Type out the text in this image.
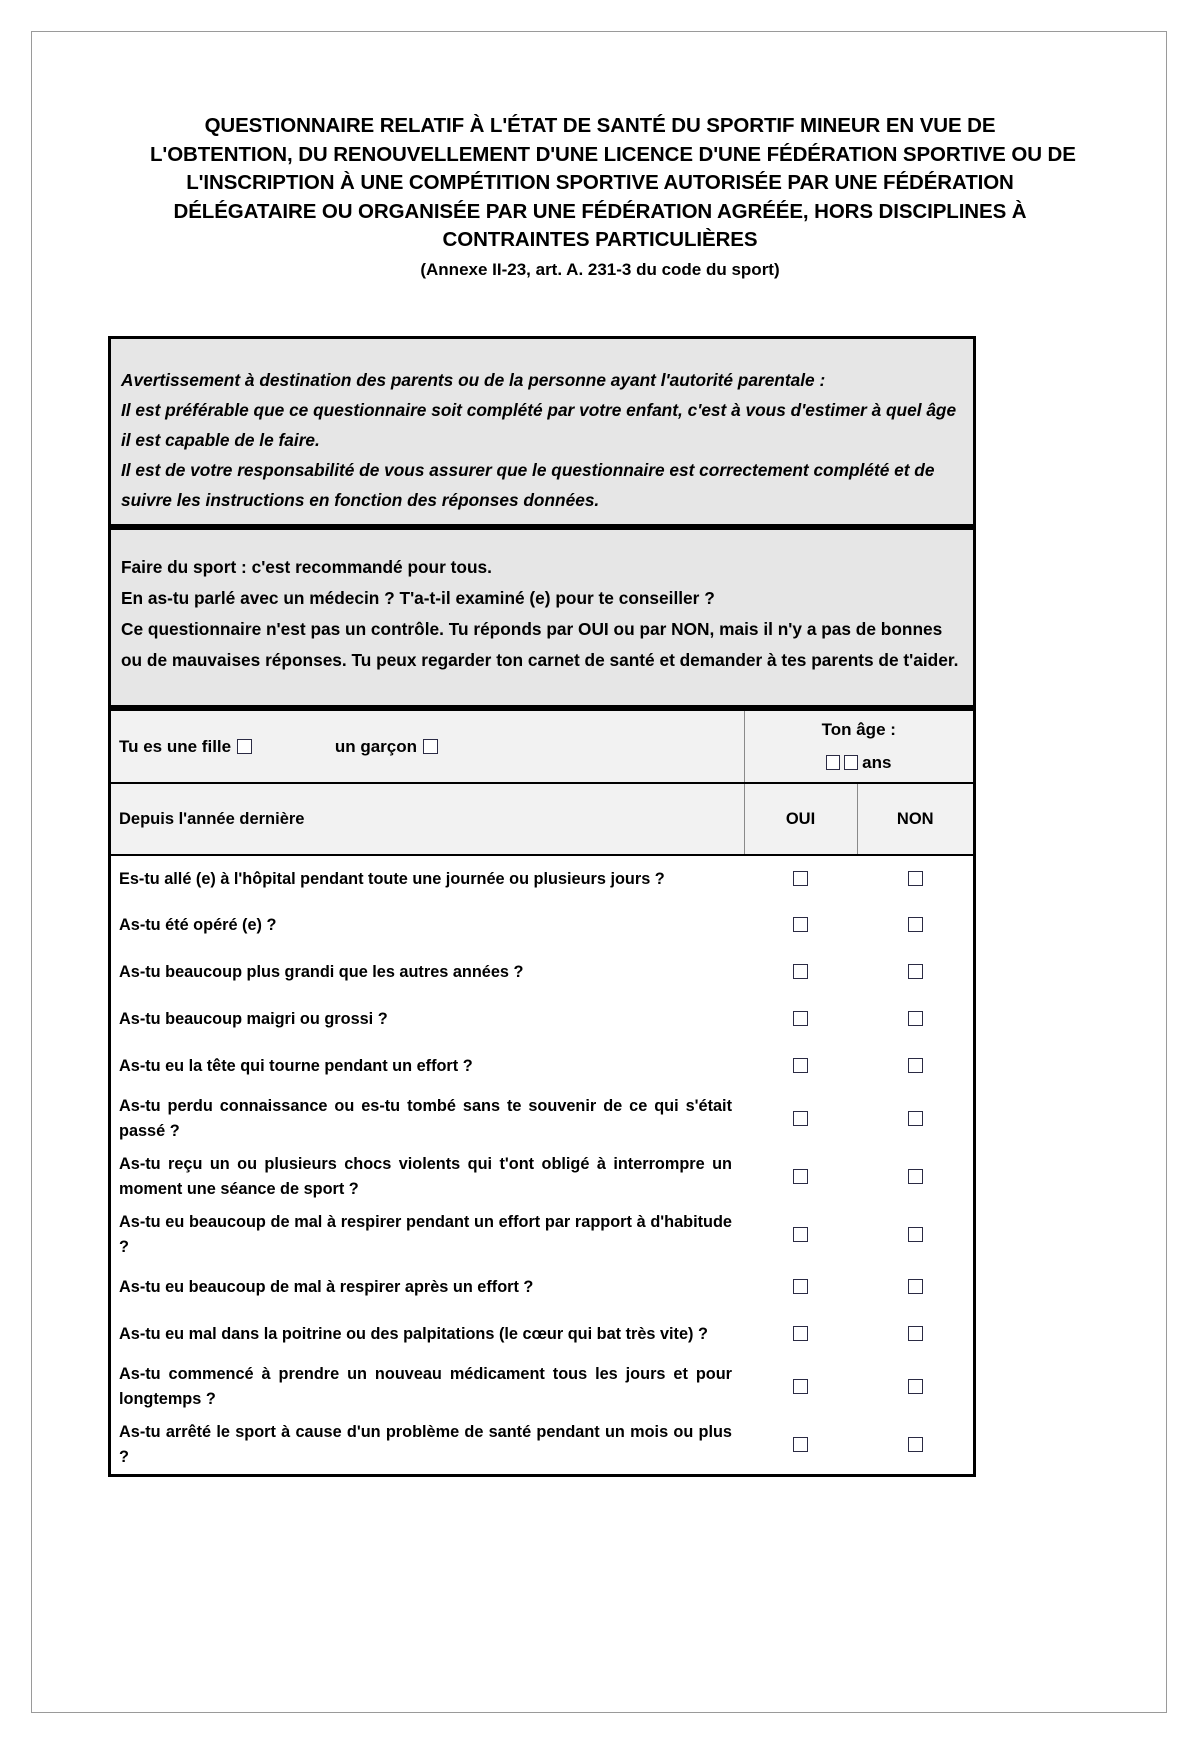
QUESTIONNAIRE RELATIF À L'ÉTAT DE SANTÉ DU SPORTIF MINEUR EN VUE DE
L'OBTENTION, DU RENOUVELLEMENT D'UNE LICENCE D'UNE FÉDÉRATION SPORTIVE OU DE
L'INSCRIPTION À UNE COMPÉTITION SPORTIVE AUTORISÉE PAR UNE FÉDÉRATION
DÉLÉGATAIRE OU ORGANISÉE PAR UNE FÉDÉRATION AGRÉÉE, HORS DISCIPLINES À
CONTRAINTES PARTICULIÈRES
(Annexe II-23, art. A. 231-3 du code du sport)
Avertissement à destination des parents ou de la personne ayant l'autorité parentale :
Il est préférable que ce questionnaire soit complété par votre enfant, c'est à vous d'estimer à quel âge il est capable de le faire.
Il est de votre responsabilité de vous assurer que le questionnaire est correctement complété et de suivre les instructions en fonction des réponses données.
Faire du sport : c'est recommandé pour tous.
En as-tu parlé avec un médecin ? T'a-t-il examiné (e) pour te conseiller ?
Ce questionnaire n'est pas un contrôle. Tu réponds par OUI ou par NON, mais il n'y a pas de bonnes ou de mauvaises réponses. Tu peux regarder ton carnet de santé et demander à tes parents de t'aider.
Tu es une fille un garçon	Ton âge :
ans	

Depuis l'année dernière	OUI	NON
Es-tu allé (e) à l'hôpital pendant toute une journée ou plusieurs jours ?		
As-tu été opéré (e) ?		
As-tu beaucoup plus grandi que les autres années ?		
As-tu beaucoup maigri ou grossi ?		
As-tu eu la tête qui tourne pendant un effort ?		
As-tu perdu connaissance ou es-tu tombé sans te souvenir de ce qui s'était passé ?		
As-tu reçu un ou plusieurs chocs violents qui t'ont obligé à interrompre un moment une séance de sport ?		
As-tu eu beaucoup de mal à respirer pendant un effort par rapport à d'habitude ?		
As-tu eu beaucoup de mal à respirer après un effort ?		
As-tu eu mal dans la poitrine ou des palpitations (le cœur qui bat très vite) ?		
As-tu commencé à prendre un nouveau médicament tous les jours et pour longtemps ?		
As-tu arrêté le sport à cause d'un problème de santé pendant un mois ou plus ?		
